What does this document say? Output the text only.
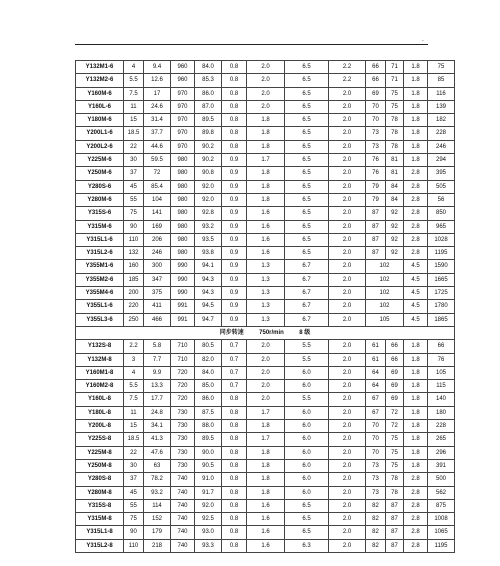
-
Y132M1-6	4	9.4	960	84.0	0.8	2.0	6.5	2.2	66	71	1.8	75
Y132M2-6	5.5	12.6	960	85.3	0.8	2.0	6.5	2.2	66	71	1.8	85
Y160M-6	7.5	17	970	86.0	0.8	2.0	6.5	2.0	69	75	1.8	116
Y160L-6	11	24.6	970	87.0	0.8	2.0	6.5	2.0	70	75	1.8	139
Y180M-6	15	31.4	970	89.5	0.8	1.8	6.5	2.0	70	78	1.8	182
Y200L1-6	18.5	37.7	970	89.8	0.8	1.8	6.5	2.0	73	78	1.8	228
Y200L2-6	22	44.6	970	90.2	0.8	1.8	6.5	2.0	73	78	1.8	246
Y225M-6	30	59.5	980	90.2	0.9	1.7	6.5	2.0	76	81	1.8	294
Y250M-6	37	72	980	90.8	0.9	1.8	6.5	2.0	76	81	2.8	395
Y280S-6	45	85.4	980	92.0	0.9	1.8	6.5	2.0	79	84	2.8	505
Y280M-6	55	104	980	92.0	0.9	1.8	6.5	2.0	79	84	2.8	56
Y315S-6	75	141	980	92.8	0.9	1.6	6.5	2.0	87	92	2.8	850
Y315M-6	90	169	980	93.2	0.9	1.6	6.5	2.0	87	92	2.8	965
Y315L1-6	110	206	980	93.5	0.9	1.6	6.5	2.0	87	92	2.8	1028
Y315L2-6	132	246	980	93.8	0.9	1.6	6.5	2.0	87	92	2.8	1195
Y355M1-6	160	300	990	94.1	0.9	1.3	6.7	2.0	102		4.5	1590
Y355M2-6	185	347	990	94.3	0.9	1.3	6.7	2.0	102		4.5	1665
Y355M4-6	200	375	990	94.3	0.9	1.3	6.7	2.0	102		4.5	1725
Y355L1-6	220	411	991	94.5	0.9	1.3	6.7	2.0	102		4.5	1780
Y355L3-6	250	466	991	94.7	0.9	1.3	6.7	2.0	105		4.5	1865
同步转速 750r/min 8 级												
Y132S-8	2.2	5.8	710	80.5	0.7	2.0	5.5	2.0	61	66	1.8	66
Y132M-8	3	7.7	710	82.0	0.7	2.0	5.5	2.0	61	66	1.8	76
Y160M1-8	4	9.9	720	84.0	0.7	2.0	6.0	2.0	64	69	1.8	105
Y160M2-8	5.5	13.3	720	85.0	0.7	2.0	6.0	2.0	64	69	1.8	115
Y160L-8	7.5	17.7	720	86.0	0.8	2.0	5.5	2.0	67	69	1.8	140
Y180L-8	11	24.8	730	87.5	0.8	1.7	6.0	2.0	67	72	1.8	180
Y200L-8	15	34.1	730	88.0	0.8	1.8	6.0	2.0	70	72	1.8	228
Y225S-8	18.5	41.3	730	89.5	0.8	1.7	6.0	2.0	70	75	1.8	265
Y225M-8	22	47.6	730	90.0	0.8	1.8	6.0	2.0	70	75	1.8	296
Y250M-8	30	63	730	90.5	0.8	1.8	6.0	2.0	73	75	1.8	391
Y280S-8	37	78.2	740	91.0	0.8	1.8	6.0	2.0	73	78	2.8	500
Y280M-8	45	93.2	740	91.7	0.8	1.8	6.0	2.0	73	78	2.8	562
Y315S-8	55	114	740	92.0	0.8	1.6	6.5	2.0	82	87	2.8	875
Y315M-8	75	152	740	92.5	0.8	1.6	6.5	2.0	82	87	2.8	1008
Y315L1-8	90	179	740	93.0	0.8	1.6	6.5	2.0	82	87	2.8	1065
Y315L2-8	110	218	740	93.3	0.8	1.6	6.3	2.0	82	87	2.8	1195
